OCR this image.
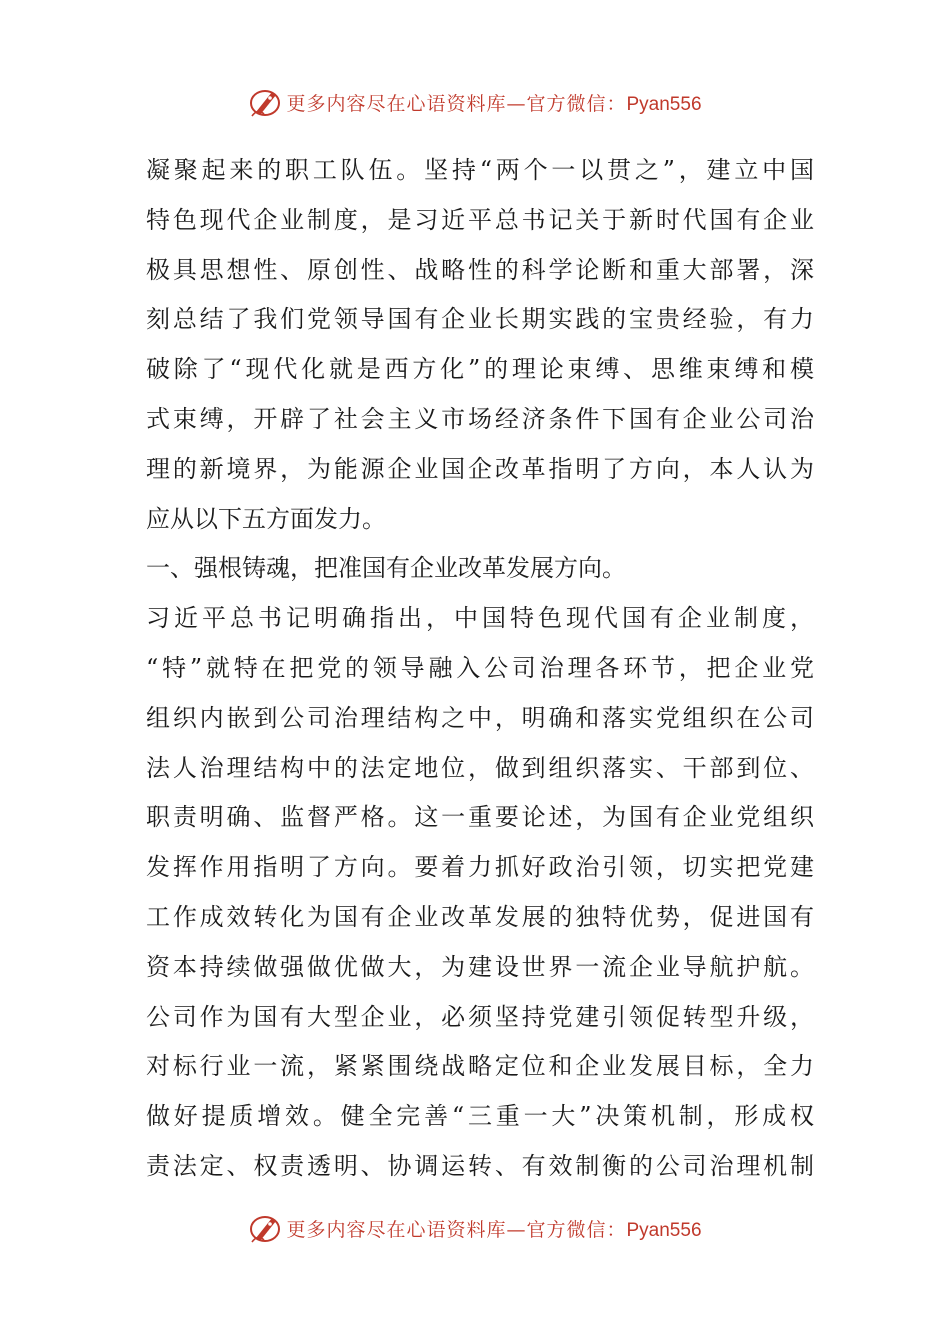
更多内容尽在心语资料库—官方微信：Pyan556
凝聚起来的职工队伍。坚持“两个一以贯之”，建立中国
特色现代企业制度，是习近平总书记关于新时代国有企业
极具思想性、原创性、战略性的科学论断和重大部署，深
刻总结了我们党领导国有企业长期实践的宝贵经验，有力
破除了“现代化就是西方化”的理论束缚、思维束缚和模
式束缚，开辟了社会主义市场经济条件下国有企业公司治
理的新境界，为能源企业国企改革指明了方向，本人认为
应从以下五方面发力。
一、强根铸魂，把准国有企业改革发展方向。
习近平总书记明确指出，中国特色现代国有企业制度，
“特”就特在把党的领导融入公司治理各环节，把企业党
组织内嵌到公司治理结构之中，明确和落实党组织在公司
法人治理结构中的法定地位，做到组织落实、干部到位、
职责明确、监督严格。这一重要论述，为国有企业党组织
发挥作用指明了方向。要着力抓好政治引领，切实把党建
工作成效转化为国有企业改革发展的独特优势，促进国有
资本持续做强做优做大，为建设世界一流企业导航护航。
公司作为国有大型企业，必须坚持党建引领促转型升级，
对标行业一流，紧紧围绕战略定位和企业发展目标，全力
做好提质增效。健全完善“三重一大”决策机制，形成权
责法定、权责透明、协调运转、有效制衡的公司治理机制
更多内容尽在心语资料库—官方微信：Pyan556
